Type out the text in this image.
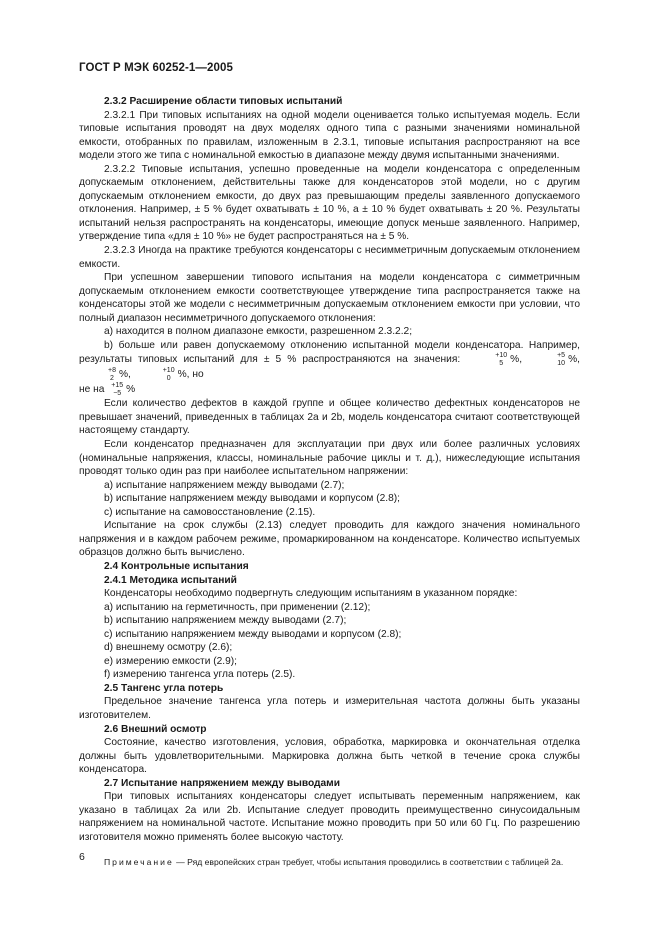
ГОСТ Р МЭК 60252-1—2005

2.3.2 Расширение области типовых испытаний

2.3.2.1 При типовых испытаниях на одной модели оценивается только испытуемая модель. Если типовые испытания проводят на двух моделях одного типа с разными значениями номинальной емкости, отобранных по правилам, изложенным в 2.3.1, типовые испытания распространяют на все модели этого же типа с номинальной емкостью в диапазоне между двумя испытанными значениями.

2.3.2.2 Типовые испытания, успешно проведенные на модели конденсатора с определенным допускаемым отклонением, действительны также для конденсаторов этой модели, но с другим допускаемым отклонением емкости, до двух раз превышающим пределы заявленного допускаемого отклонения. Например, ± 5 % будет охватывать ± 10 %, а ± 10 % будет охватывать ± 20 %. Результаты испытаний нельзя распространять на конденсаторы, имеющие допуск меньше заявленного. Например, утверждение типа «для ± 10 %» не будет распространяться на ± 5 %.

2.3.2.3 Иногда на практике требуются конденсаторы с несимметричным допускаемым отклонением емкости.

При успешном завершении типового испытания на модели конденсатора с симметричным допускаемым отклонением емкости соответствующее утверждение типа распространяется также на конденсаторы этой же модели с несимметричным допускаемым отклонением емкости при условии, что полный диапазон несимметричного допускаемого отклонения:

a) находится в полном диапазоне емкости, разрешенном 2.3.2.2;

b) больше или равен допускаемому отклонению испытанной модели конденсатора. Например, результаты типовых испытаний для ± 5 % распространяются на значения:	+10
5 %,	+5
10 %,
+8
2 %,	+10
0 %, но

не на +15
−5 %

Если количество дефектов в каждой группе и общее количество дефектных конденсаторов не превышает значений, приведенных в таблицах 2a и 2b, модель конденсатора считают соответствующей настоящему стандарту.

Если конденсатор предназначен для эксплуатации при двух или более различных условиях (номинальные напряжения, классы, номинальные рабочие циклы и т. д.), нижеследующие испытания проводят только один раз при наиболее испытательном напряжении:

a) испытание напряжением между выводами (2.7);

b) испытание напряжением между выводами и корпусом (2.8);

c) испытание на самовосстановление (2.15).

Испытание на срок службы (2.13) следует проводить для каждого значения номинального напряжения и в каждом рабочем режиме, промаркированном на конденсаторе. Количество испытуемых образцов должно быть вычислено.

2.4 Контрольные испытания

2.4.1 Методика испытаний

Конденсаторы необходимо подвергнуть следующим испытаниям в указанном порядке:

a) испытанию на герметичность, при применении (2.12);

b) испытанию напряжением между выводами (2.7);

c) испытанию напряжением между выводами и корпусом (2.8);

d) внешнему осмотру (2.6);

e) измерению емкости (2.9);

f) измерению тангенса угла потерь (2.5).

2.5 Тангенс угла потерь

Предельное значение тангенса угла потерь и измерительная частота должны быть указаны изготовителем.

2.6 Внешний осмотр

Состояние, качество изготовления, условия, обработка, маркировка и окончательная отделка должны быть удовлетворительными. Маркировка должна быть четкой в течение срока службы конденсатора.

2.7 Испытание напряжением между выводами

При типовых испытаниях конденсаторы следует испытывать переменным напряжением, как указано в таблицах 2a или 2b. Испытание следует проводить преимущественно синусоидальным напряжением на номинальной частоте. Испытание можно проводить при 50 или 60 Гц. По разрешению изготовителя можно применять более высокую частоту.

Примечание — Ряд европейских стран требует, чтобы испытания проводились в соответствии с таблицей 2a.

6
